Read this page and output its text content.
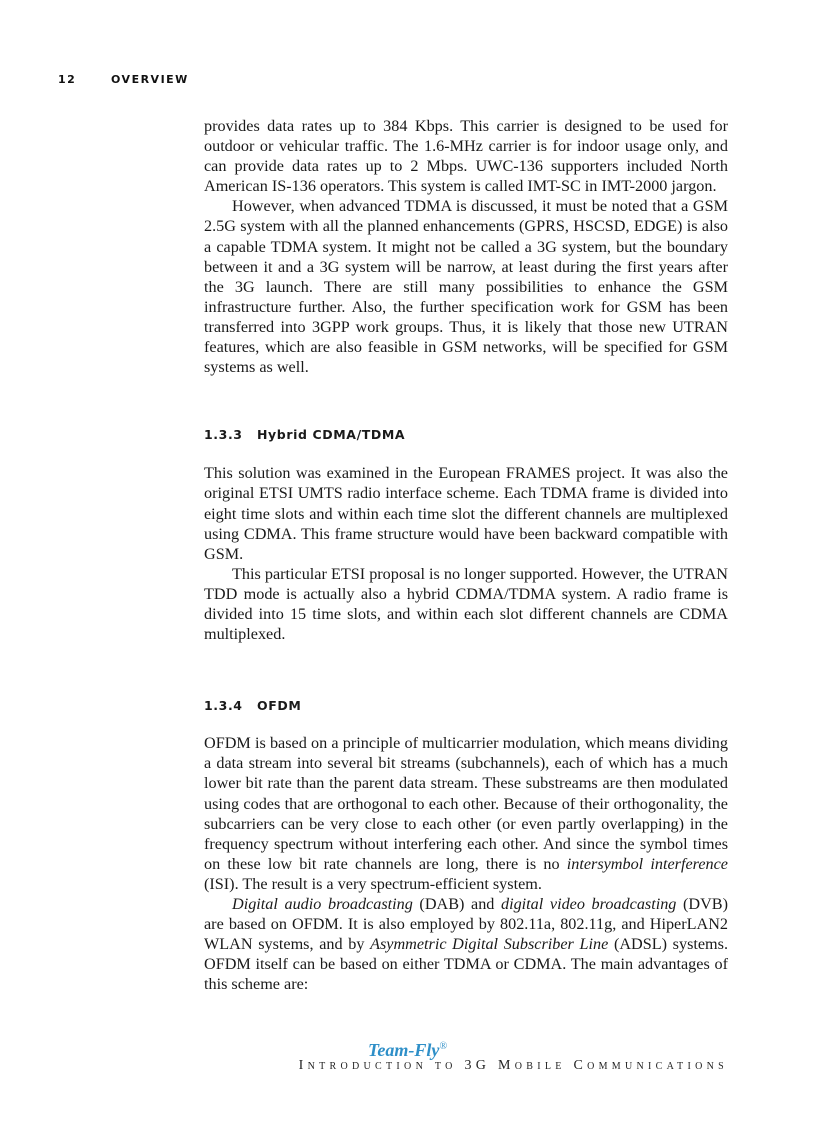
12	OVERVIEW

provides data rates up to 384 Kbps. This carrier is designed to be used for outdoor or vehicular traffic. The 1.6-MHz carrier is for indoor usage only, and can provide data rates up to 2 Mbps. UWC-136 supporters included North American IS-136 operators. This system is called IMT-SC in IMT-2000 jargon.

However, when advanced TDMA is discussed, it must be noted that a GSM 2.5G system with all the planned enhancements (GPRS, HSCSD, EDGE) is also a capable TDMA system. It might not be called a 3G system, but the boundary between it and a 3G system will be narrow, at least during the first years after the 3G launch. There are still many possibilities to enhance the GSM infrastructure further. Also, the further specification work for GSM has been transferred into 3GPP work groups. Thus, it is likely that those new UTRAN features, which are also feasible in GSM networks, will be specified for GSM systems as well.

1.3.3 Hybrid CDMA/TDMA

This solution was examined in the European FRAMES project. It was also the original ETSI UMTS radio interface scheme. Each TDMA frame is divided into eight time slots and within each time slot the different channels are multiplexed using CDMA. This frame structure would have been backward compatible with GSM.

This particular ETSI proposal is no longer supported. However, the UTRAN TDD mode is actually also a hybrid CDMA/TDMA system. A radio frame is divided into 15 time slots, and within each slot different channels are CDMA multiplexed.

1.3.4 OFDM

OFDM is based on a principle of multicarrier modulation, which means dividing a data stream into several bit streams (subchannels), each of which has a much lower bit rate than the parent data stream. These substreams are then modulated using codes that are orthogonal to each other. Because of their orthogonality, the subcarriers can be very close to each other (or even partly overlapping) in the frequency spectrum without interfering each other. And since the symbol times on these low bit rate channels are long, there is no intersymbol interference (ISI). The result is a very spectrum-efficient system.

Digital audio broadcasting (DAB) and digital video broadcasting (DVB) are based on OFDM. It is also employed by 802.11a, 802.11g, and HiperLAN2 WLAN systems, and by Asymmetric Digital Subscriber Line (ADSL) systems. OFDM itself can be based on either TDMA or CDMA. The main advantages of this scheme are:

Team-Fly®
Introduction to 3G Mobile Communications
